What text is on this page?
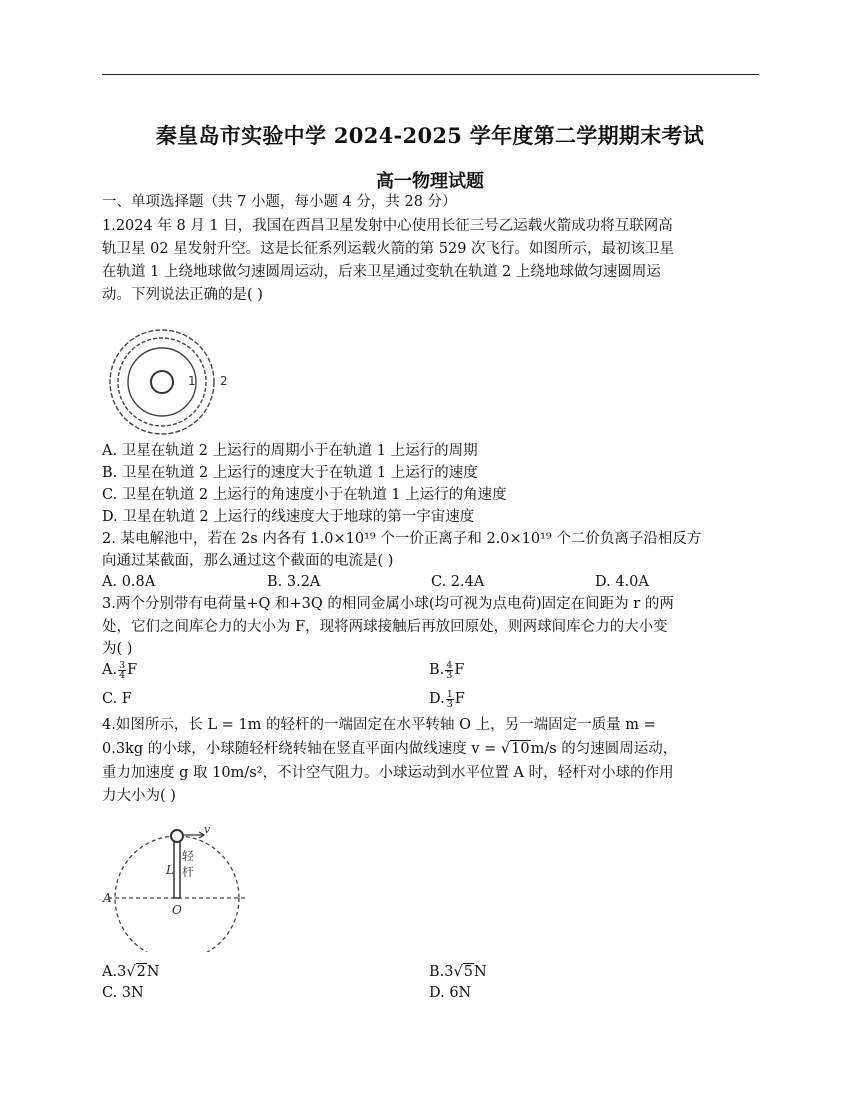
秦皇岛市实验中学 2024-2025 学年度第二学期期末考试
高一物理试题
一、单项选择题（共 7 小题，每小题 4 分，共 28 分）
1.2024 年 8 月 1 日，我国在西昌卫星发射中心使用长征三号乙运载火箭成功将互联网高
轨卫星 02 星发射升空。这是长征系列运载火箭的第 529 次飞行。如图所示，最初该卫星
在轨道 1 上绕地球做匀速圆周运动，后来卫星通过变轨在轨道 2 上绕地球做匀速圆周运
动。下列说法正确的是( )
1 2
A. 卫星在轨道 2 上运行的周期小于在轨道 1 上运行的周期
B. 卫星在轨道 2 上运行的速度大于在轨道 1 上运行的速度
C. 卫星在轨道 2 上运行的角速度小于在轨道 1 上运行的角速度
D. 卫星在轨道 2 上运行的线速度大于地球的第一宇宙速度
2. 某电解池中，若在 2s 内各有 1.0×10¹⁹ 个一价正离子和 2.0×10¹⁹ 个二价负离子沿相反方
向通过某截面，那么通过这个截面的电流是( )
A. 0.8A	B. 3.2A	C. 2.4A	D. 4.0A
3.两个分别带有电荷量+Q 和+3Q 的相同金属小球(均可视为点电荷)固定在间距为 r 的两
处，它们之间库仑力的大小为 F，现将两球接触后再放回原处，则两球间库仑力的大小变
为( )
A. $\frac{3}{4}$ F	B. $\frac{4}{3}$ F
C. F	D. $\frac{1}{3}$ F
4.如图所示，长 L = 1m 的轻杆的一端固定在水平转轴 O 上，另一端固定一质量 m =
0.3kg 的小球，小球随轻杆绕转轴在竖直平面内做线速度 v = √10m/s 的匀速圆周运动，
重力加速度 g 取 10m/s²，不计空气阻力。小球运动到水平位置 A 时，轻杆对小球的作用
力大小为( )
v
轻
杆
L
A
O
A.3√2N	B.3√5N
C. 3N	D. 6N
